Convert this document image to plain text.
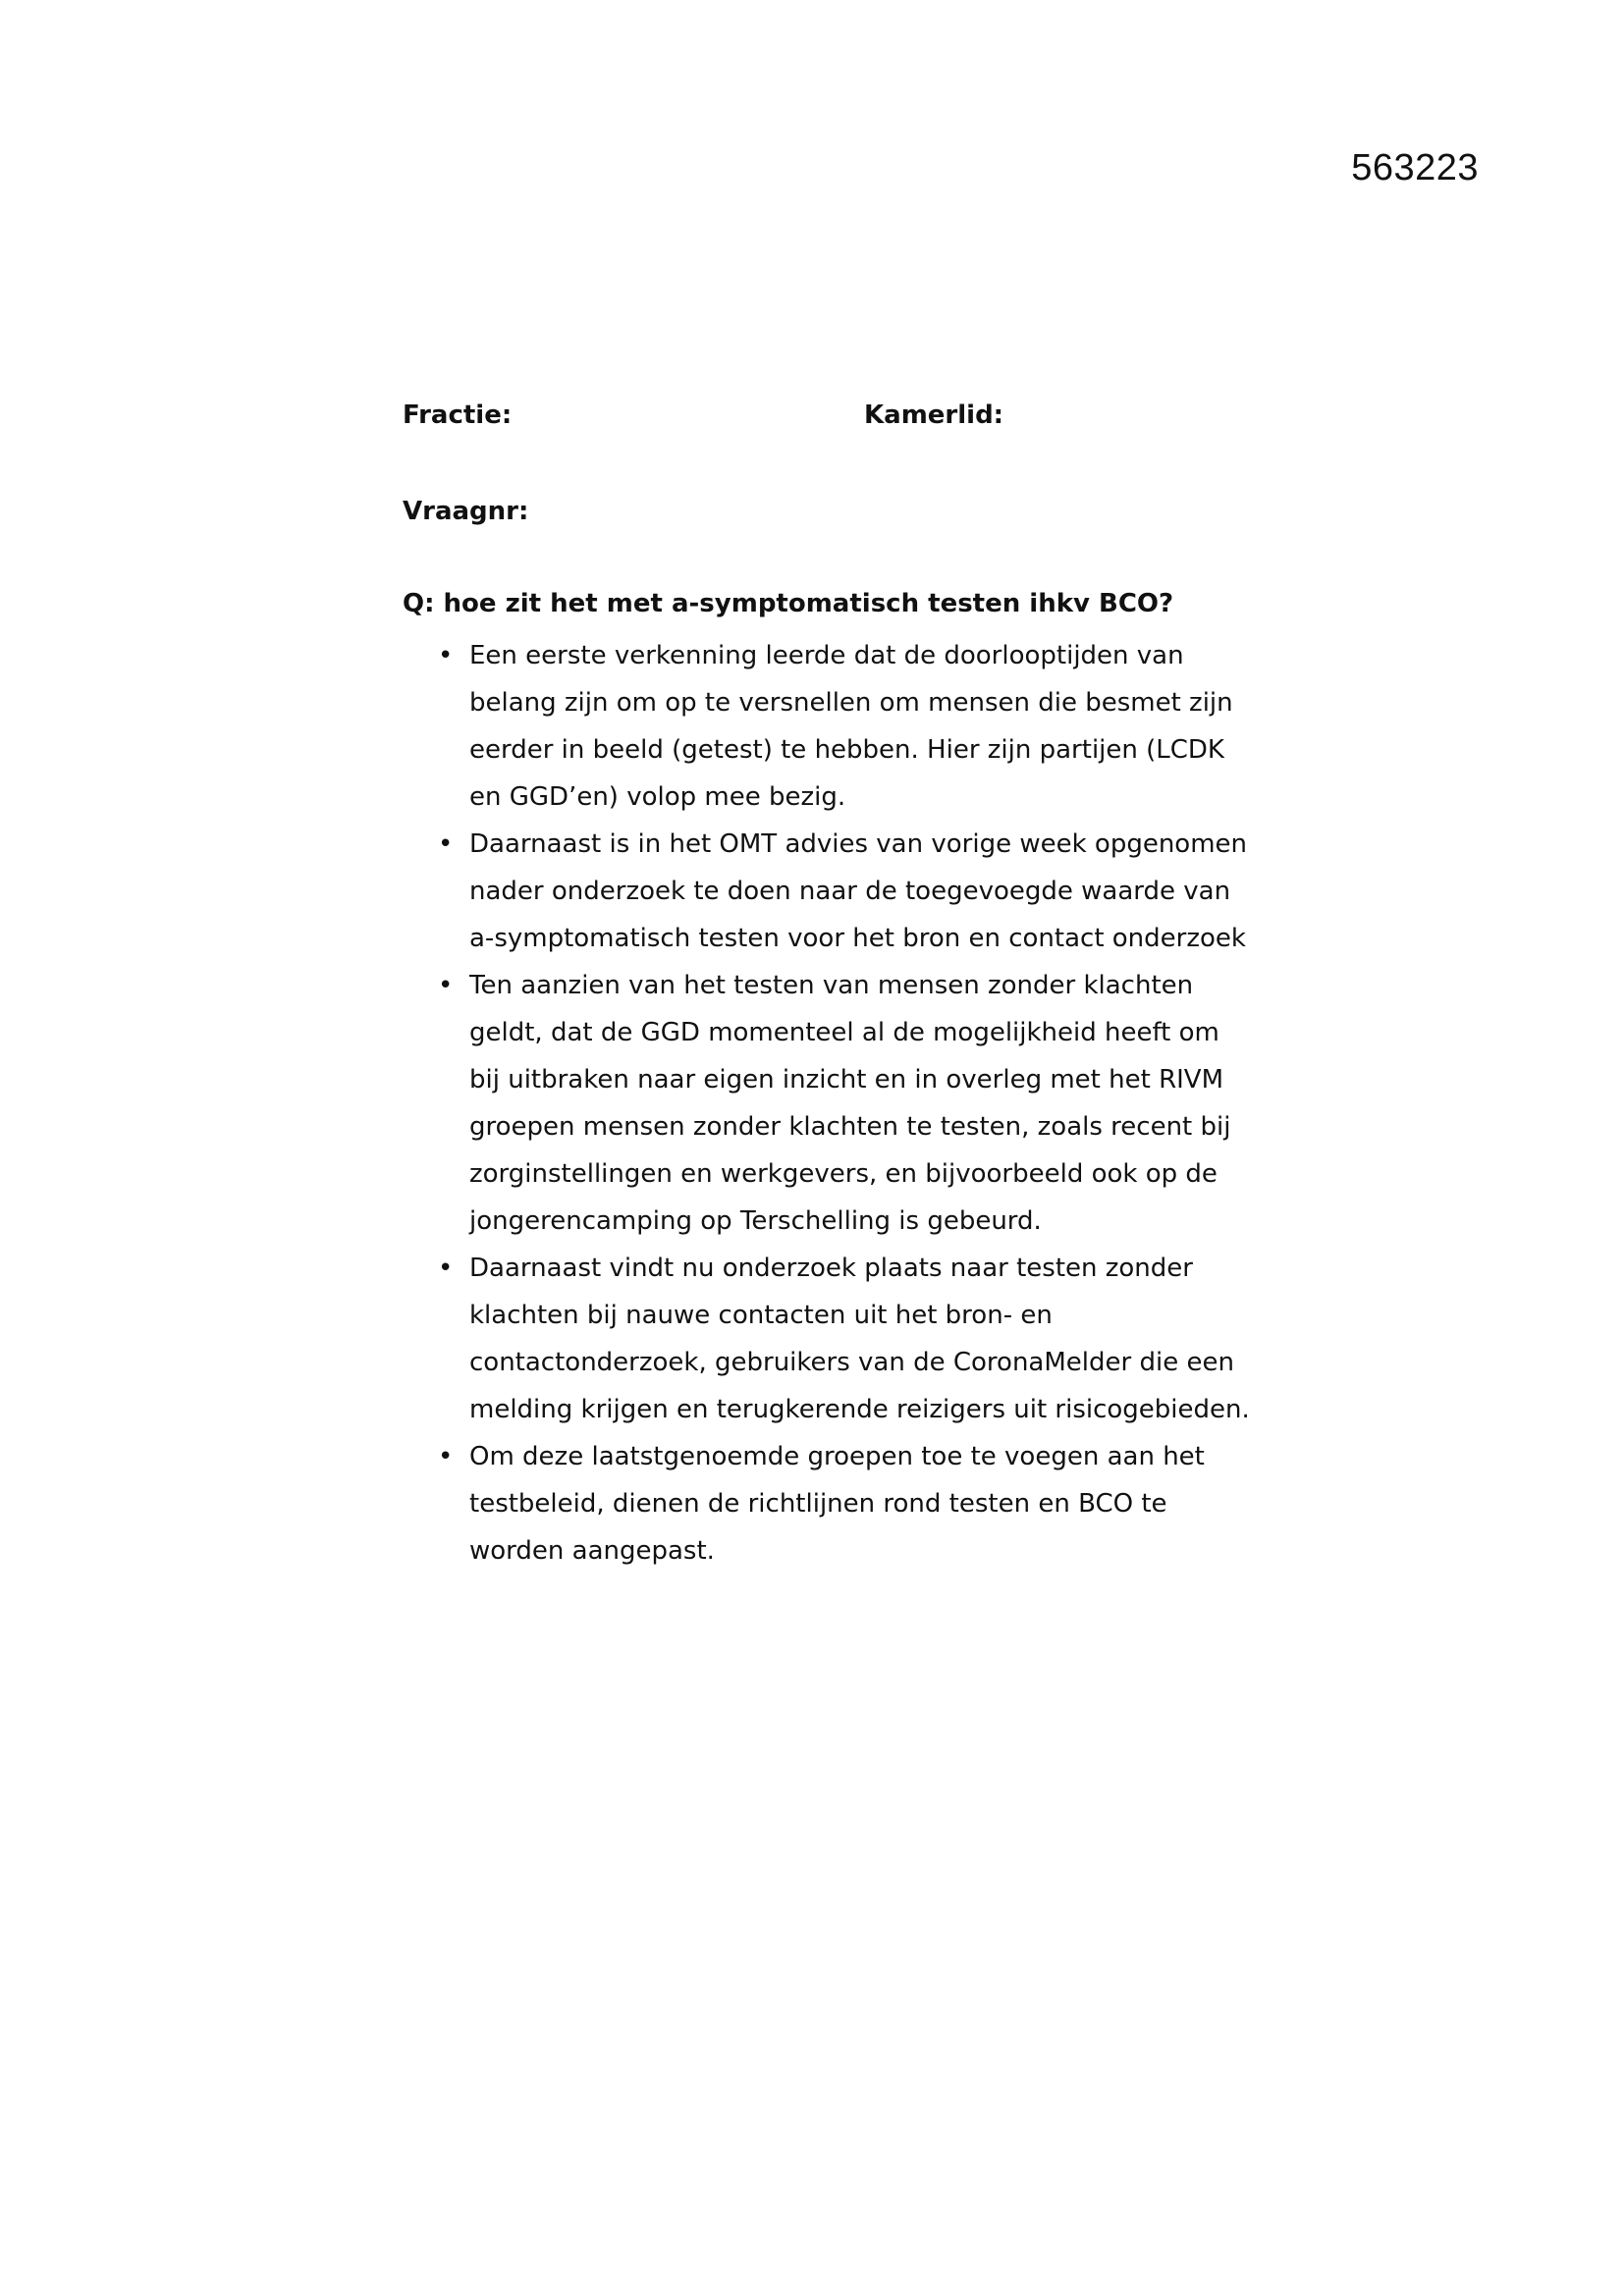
563223
Fractie:	Kamerlid:
Vraagnr:
Q: hoe zit het met a-symptomatisch testen ihkv BCO?
• Een eerste verkenning leerde dat de doorlooptijden van belang zijn om op te versnellen om mensen die besmet zijn eerder in beeld (getest) te hebben. Hier zijn partijen (LCDK en GGD’en) volop mee bezig.
• Daarnaast is in het OMT advies van vorige week opgenomen nader onderzoek te doen naar de toegevoegde waarde van a-symptomatisch testen voor het bron en contact onderzoek
• Ten aanzien van het testen van mensen zonder klachten geldt, dat de GGD momenteel al de mogelijkheid heeft om bij uitbraken naar eigen inzicht en in overleg met het RIVM groepen mensen zonder klachten te testen, zoals recent bij zorginstellingen en werkgevers, en bijvoorbeeld ook op de jongerencamping op Terschelling is gebeurd.
• Daarnaast vindt nu onderzoek plaats naar testen zonder klachten bij nauwe contacten uit het bron- en contactonderzoek, gebruikers van de CoronaMelder die een melding krijgen en terugkerende reizigers uit risicogebieden.
• Om deze laatstgenoemde groepen toe te voegen aan het testbeleid, dienen de richtlijnen rond testen en BCO te worden aangepast.
